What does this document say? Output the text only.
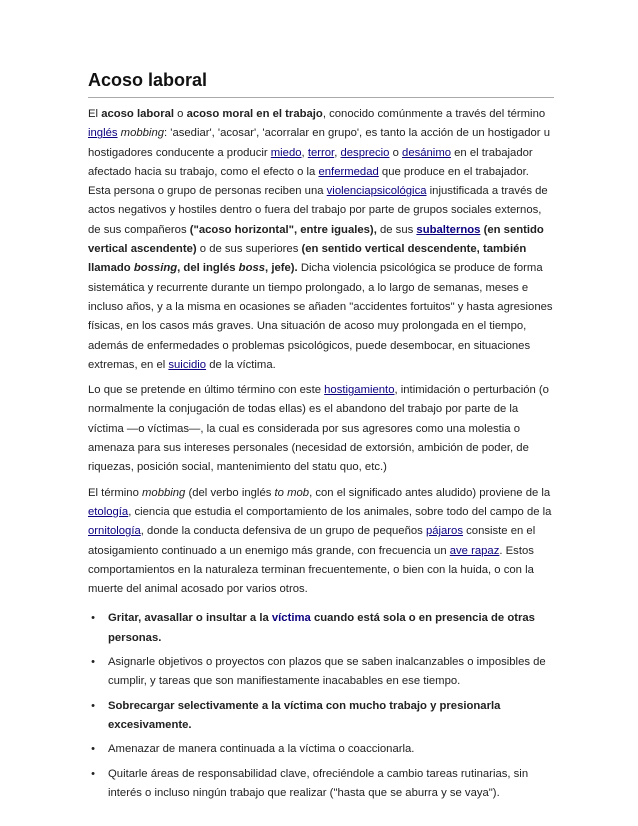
Acoso laboral

El acoso laboral o acoso moral en el trabajo, conocido comúnmente a través del término inglés mobbing: 'asediar', 'acosar', 'acorralar en grupo', es tanto la acción de un hostigador u hostigadores conducente a producir miedo, terror, desprecio o desánimo en el trabajador afectado hacia su trabajo, como el efecto o la enfermedad que produce en el trabajador. Esta persona o grupo de personas reciben una violenciapsicológica injustificada a través de actos negativos y hostiles dentro o fuera del trabajo por parte de grupos sociales externos, de sus compañeros ("acoso horizontal", entre iguales), de sus subalternos (en sentido vertical ascendente) o de sus superiores (en sentido vertical descendente, también llamado bossing, del inglés boss, jefe). Dicha violencia psicológica se produce de forma sistemática y recurrente durante un tiempo prolongado, a lo largo de semanas, meses e incluso años, y a la misma en ocasiones se añaden "accidentes fortuitos" y hasta agresiones físicas, en los casos más graves. Una situación de acoso muy prolongada en el tiempo, además de enfermedades o problemas psicológicos, puede desembocar, en situaciones extremas, en el suicidio de la víctima.

Lo que se pretende en último término con este hostigamiento, intimidación o perturbación (o normalmente la conjugación de todas ellas) es el abandono del trabajo por parte de la víctima —o víctimas—, la cual es considerada por sus agresores como una molestia o amenaza para sus intereses personales (necesidad de extorsión, ambición de poder, de riquezas, posición social, mantenimiento del statu quo, etc.)

El término mobbing (del verbo inglés to mob, con el significado antes aludido) proviene de la etología, ciencia que estudia el comportamiento de los animales, sobre todo del campo de la ornitología, donde la conducta defensiva de un grupo de pequeños pájaros consiste en el atosigamiento continuado a un enemigo más grande, con frecuencia un ave rapaz. Estos comportamientos en la naturaleza terminan frecuentemente, o bien con la huida, o con la muerte del animal acosado por varios otros.

• Gritar, avasallar o insultar a la víctima cuando está sola o en presencia de otras personas.
• Asignarle objetivos o proyectos con plazos que se saben inalcanzables o imposibles de cumplir, y tareas que son manifiestamente inacabables en ese tiempo.
• Sobrecargar selectivamente a la víctima con mucho trabajo y presionarla excesivamente.
• Amenazar de manera continuada a la víctima o coaccionarla.
• Quitarle áreas de responsabilidad clave, ofreciéndole a cambio tareas rutinarias, sin interés o incluso ningún trabajo que realizar ("hasta que se aburra y se vaya").
